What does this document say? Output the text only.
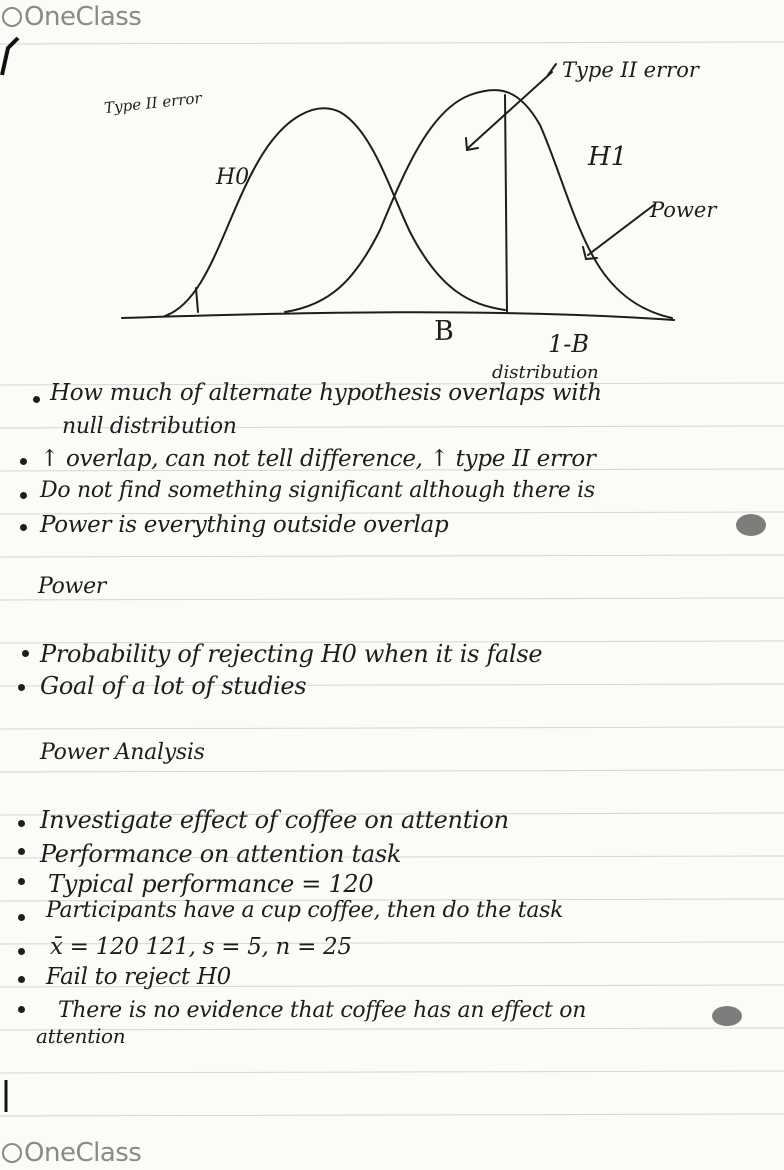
OneClass
OneClass
Type II error
H0
Type II error
H1
Power
B	1-B
distribution
How much of alternate hypothesis overlaps with
null distribution
↑ overlap, can not tell difference, ↑ type II error
Do not find something significant although there is
Power is everything outside overlap
Power
Probability of rejecting H0 when it is false
Goal of a lot of studies
Power Analysis
Investigate effect of coffee on attention
Performance on attention task
Typical performance = 120
Participants have a cup coffee, then do the task
x̄ = 120 121, s = 5, n = 25
Fail to reject H0
There is no evidence that coffee has an effect on
attention
